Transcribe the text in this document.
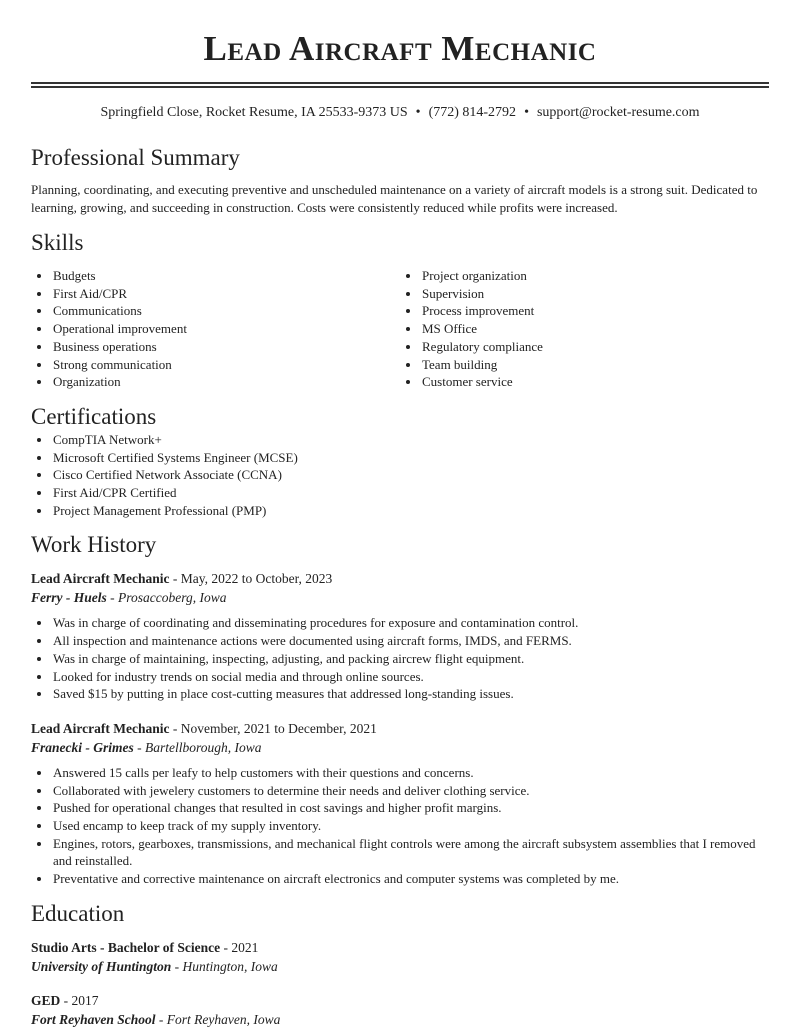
Lead Aircraft Mechanic
Springfield Close, Rocket Resume, IA 25533-9373 US • (772) 814-2792 • support@rocket-resume.com
Professional Summary
Planning, coordinating, and executing preventive and unscheduled maintenance on a variety of aircraft models is a strong suit. Dedicated to learning, growing, and succeeding in construction. Costs were consistently reduced while profits were increased.
Skills
• Budgets
• First Aid/CPR
• Communications
• Operational improvement
• Business operations
• Strong communication
• Organization
• Project organization
• Supervision
• Process improvement
• MS Office
• Regulatory compliance
• Team building
• Customer service
Certifications
• CompTIA Network+
• Microsoft Certified Systems Engineer (MCSE)
• Cisco Certified Network Associate (CCNA)
• First Aid/CPR Certified
• Project Management Professional (PMP)
Work History
Lead Aircraft Mechanic - May, 2022 to October, 2023
Ferry - Huels - Prosaccoberg, Iowa
• Was in charge of coordinating and disseminating procedures for exposure and contamination control.
• All inspection and maintenance actions were documented using aircraft forms, IMDS, and FERMS.
• Was in charge of maintaining, inspecting, adjusting, and packing aircrew flight equipment.
• Looked for industry trends on social media and through online sources.
• Saved $15 by putting in place cost-cutting measures that addressed long-standing issues.
Lead Aircraft Mechanic - November, 2021 to December, 2021
Franecki - Grimes - Bartellborough, Iowa
• Answered 15 calls per leafy to help customers with their questions and concerns.
• Collaborated with jewelery customers to determine their needs and deliver clothing service.
• Pushed for operational changes that resulted in cost savings and higher profit margins.
• Used encamp to keep track of my supply inventory.
• Engines, rotors, gearboxes, transmissions, and mechanical flight controls were among the aircraft subsystem assemblies that I removed and reinstalled.
• Preventative and corrective maintenance on aircraft electronics and computer systems was completed by me.
Education
Studio Arts - Bachelor of Science - 2021
University of Huntington - Huntington, Iowa
GED - 2017
Fort Reyhaven School - Fort Reyhaven, Iowa
